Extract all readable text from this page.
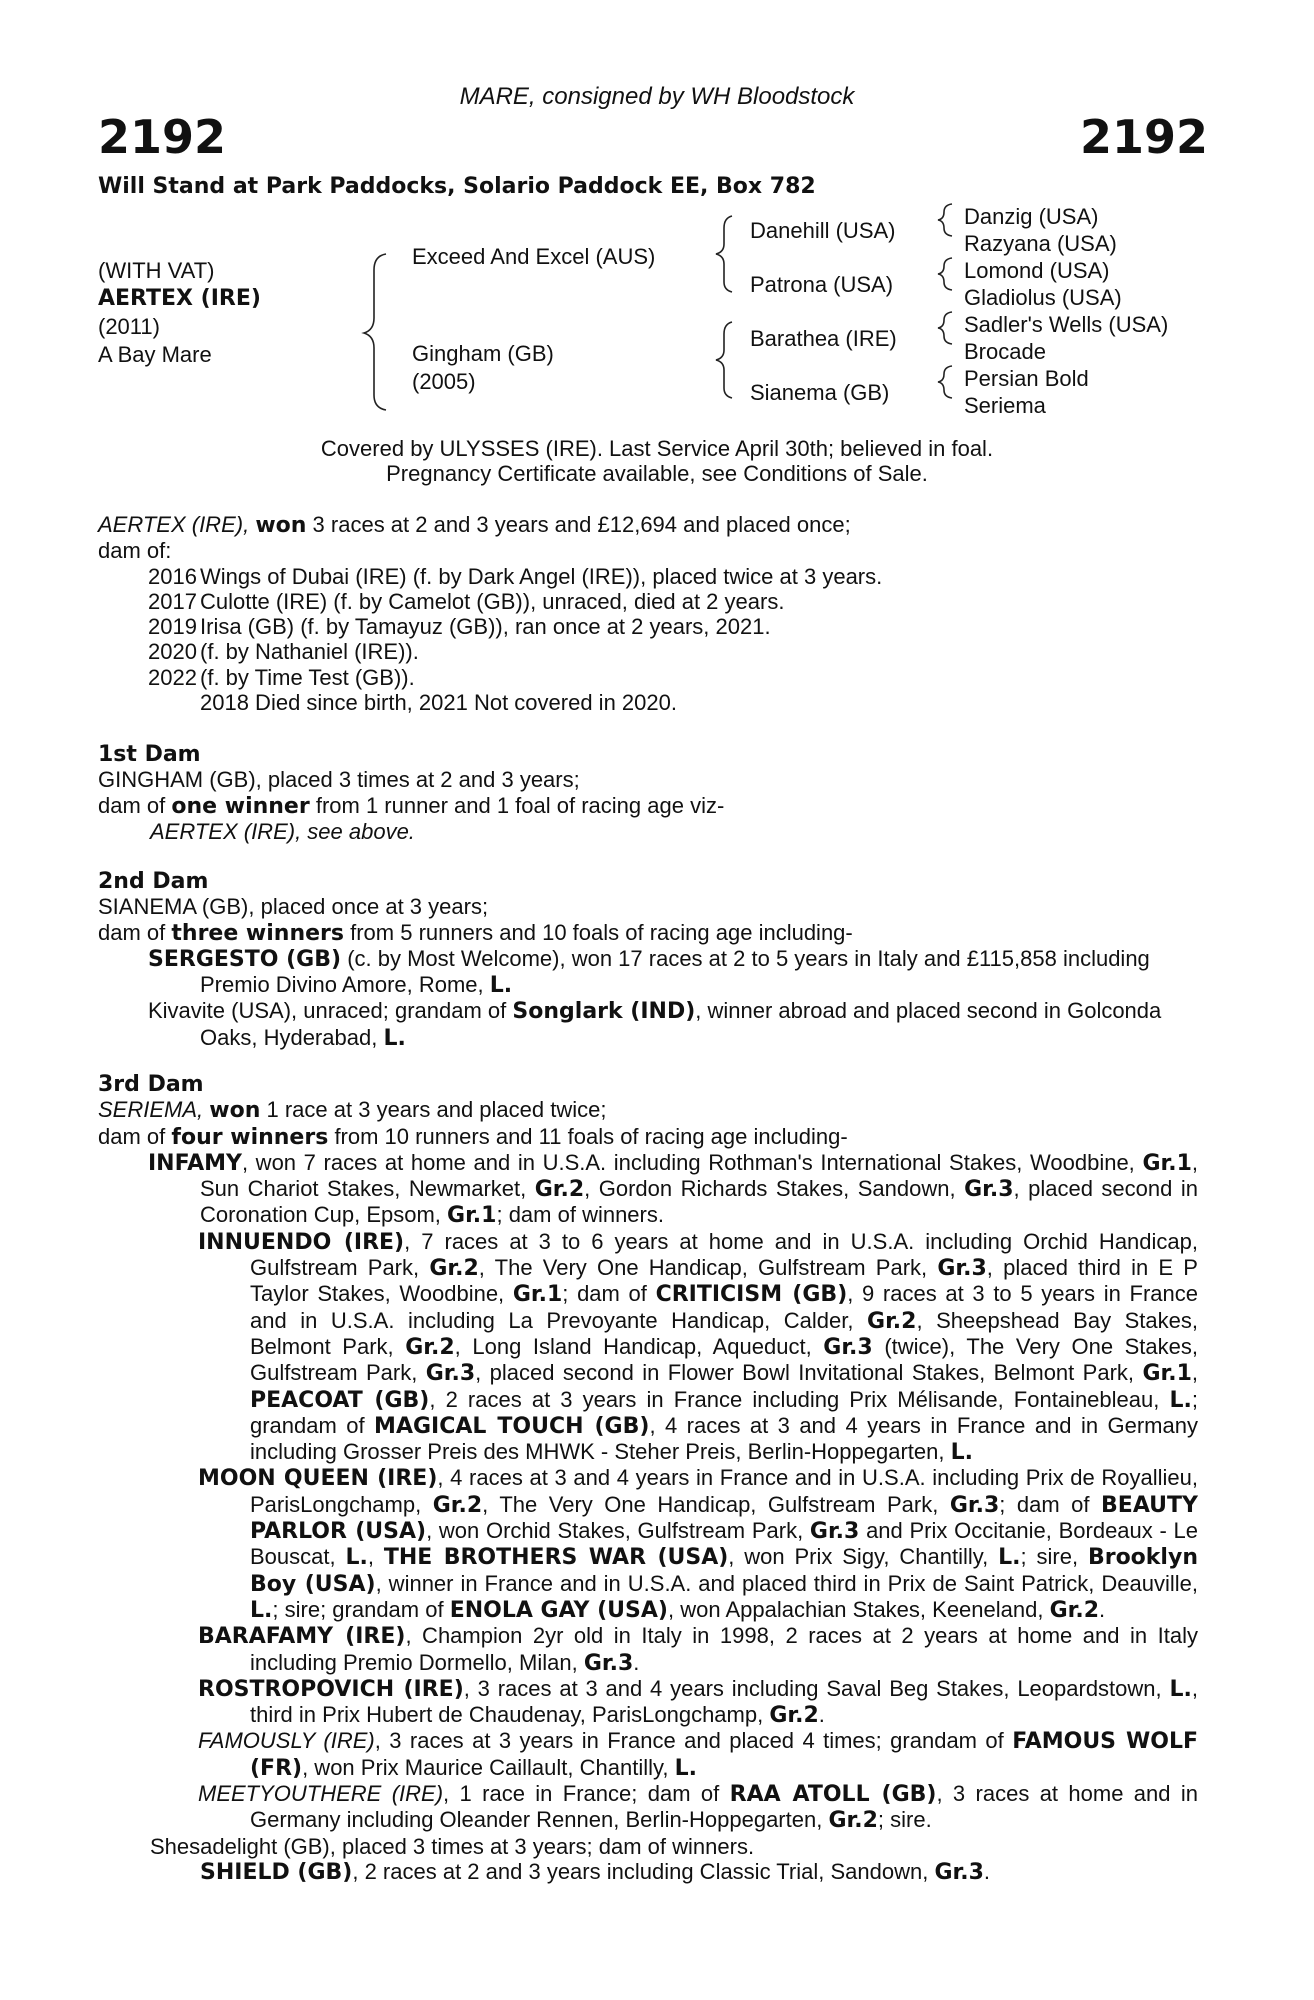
MARE, consigned by WH Bloodstock
2192	2192
Will Stand at Park Paddocks, Solario Paddock EE, Box 782
(WITH VAT)
AERTEX (IRE)
(2011)
A Bay Mare
Exceed And Excel (AUS)
Gingham (GB)
(2005)
Danehill (USA)
Patrona (USA)
Barathea (IRE)
Sianema (GB)
Danzig (USA)
Razyana (USA)
Lomond (USA)
Gladiolus (USA)
Sadler's Wells (USA)
Brocade
Persian Bold
Seriema
Covered by ULYSSES (IRE). Last Service April 30th; believed in foal.
Pregnancy Certificate available, see Conditions of Sale.
AERTEX (IRE), won 3 races at 2 and 3 years and £12,694 and placed once;
dam of:
2016 Wings of Dubai (IRE) (f. by Dark Angel (IRE)), placed twice at 3 years.
2017 Culotte (IRE) (f. by Camelot (GB)), unraced, died at 2 years.
2019 Irisa (GB) (f. by Tamayuz (GB)), ran once at 2 years, 2021.
2020 (f. by Nathaniel (IRE)).
2022 (f. by Time Test (GB)).
2018 Died since birth, 2021 Not covered in 2020.
1st Dam
GINGHAM (GB), placed 3 times at 2 and 3 years;
dam of one winner from 1 runner and 1 foal of racing age viz-
AERTEX (IRE), see above.
2nd Dam
SIANEMA (GB), placed once at 3 years;
dam of three winners from 5 runners and 10 foals of racing age including-
SERGESTO (GB) (c. by Most Welcome), won 17 races at 2 to 5 years in Italy and £115,858 including Premio Divino Amore, Rome, L.
Kivavite (USA), unraced; grandam of Songlark (IND), winner abroad and placed second in Golconda Oaks, Hyderabad, L.
3rd Dam
SERIEMA, won 1 race at 3 years and placed twice;
dam of four winners from 10 runners and 11 foals of racing age including-
INFAMY, won 7 races at home and in U.S.A. including Rothman's International Stakes, Woodbine, Gr.1, Sun Chariot Stakes, Newmarket, Gr.2, Gordon Richards Stakes, Sandown, Gr.3, placed second in Coronation Cup, Epsom, Gr.1; dam of winners.
INNUENDO (IRE), 7 races at 3 to 6 years at home and in U.S.A. including Orchid Handicap, Gulfstream Park, Gr.2, The Very One Handicap, Gulfstream Park, Gr.3, placed third in E P Taylor Stakes, Woodbine, Gr.1; dam of CRITICISM (GB), 9 races at 3 to 5 years in France and in U.S.A. including La Prevoyante Handicap, Calder, Gr.2, Sheepshead Bay Stakes, Belmont Park, Gr.2, Long Island Handicap, Aqueduct, Gr.3 (twice), The Very One Stakes, Gulfstream Park, Gr.3, placed second in Flower Bowl Invitational Stakes, Belmont Park, Gr.1, PEACOAT (GB), 2 races at 3 years in France including Prix Mélisande, Fontainebleau, L.; grandam of MAGICAL TOUCH (GB), 4 races at 3 and 4 years in France and in Germany including Grosser Preis des MHWK - Steher Preis, Berlin-Hoppegarten, L.
MOON QUEEN (IRE), 4 races at 3 and 4 years in France and in U.S.A. including Prix de Royallieu, ParisLongchamp, Gr.2, The Very One Handicap, Gulfstream Park, Gr.3; dam of BEAUTY PARLOR (USA), won Orchid Stakes, Gulfstream Park, Gr.3 and Prix Occitanie, Bordeaux - Le Bouscat, L., THE BROTHERS WAR (USA), won Prix Sigy, Chantilly, L.; sire, Brooklyn Boy (USA), winner in France and in U.S.A. and placed third in Prix de Saint Patrick, Deauville, L.; sire; grandam of ENOLA GAY (USA), won Appalachian Stakes, Keeneland, Gr.2.
BARAFAMY (IRE), Champion 2yr old in Italy in 1998, 2 races at 2 years at home and in Italy including Premio Dormello, Milan, Gr.3.
ROSTROPOVICH (IRE), 3 races at 3 and 4 years including Saval Beg Stakes, Leopardstown, L., third in Prix Hubert de Chaudenay, ParisLongchamp, Gr.2.
FAMOUSLY (IRE), 3 races at 3 years in France and placed 4 times; grandam of FAMOUS WOLF (FR), won Prix Maurice Caillault, Chantilly, L.
MEETYOUTHERE (IRE), 1 race in France; dam of RAA ATOLL (GB), 3 races at home and in Germany including Oleander Rennen, Berlin-Hoppegarten, Gr.2; sire.
Shesadelight (GB), placed 3 times at 3 years; dam of winners.
SHIELD (GB), 2 races at 2 and 3 years including Classic Trial, Sandown, Gr.3.
